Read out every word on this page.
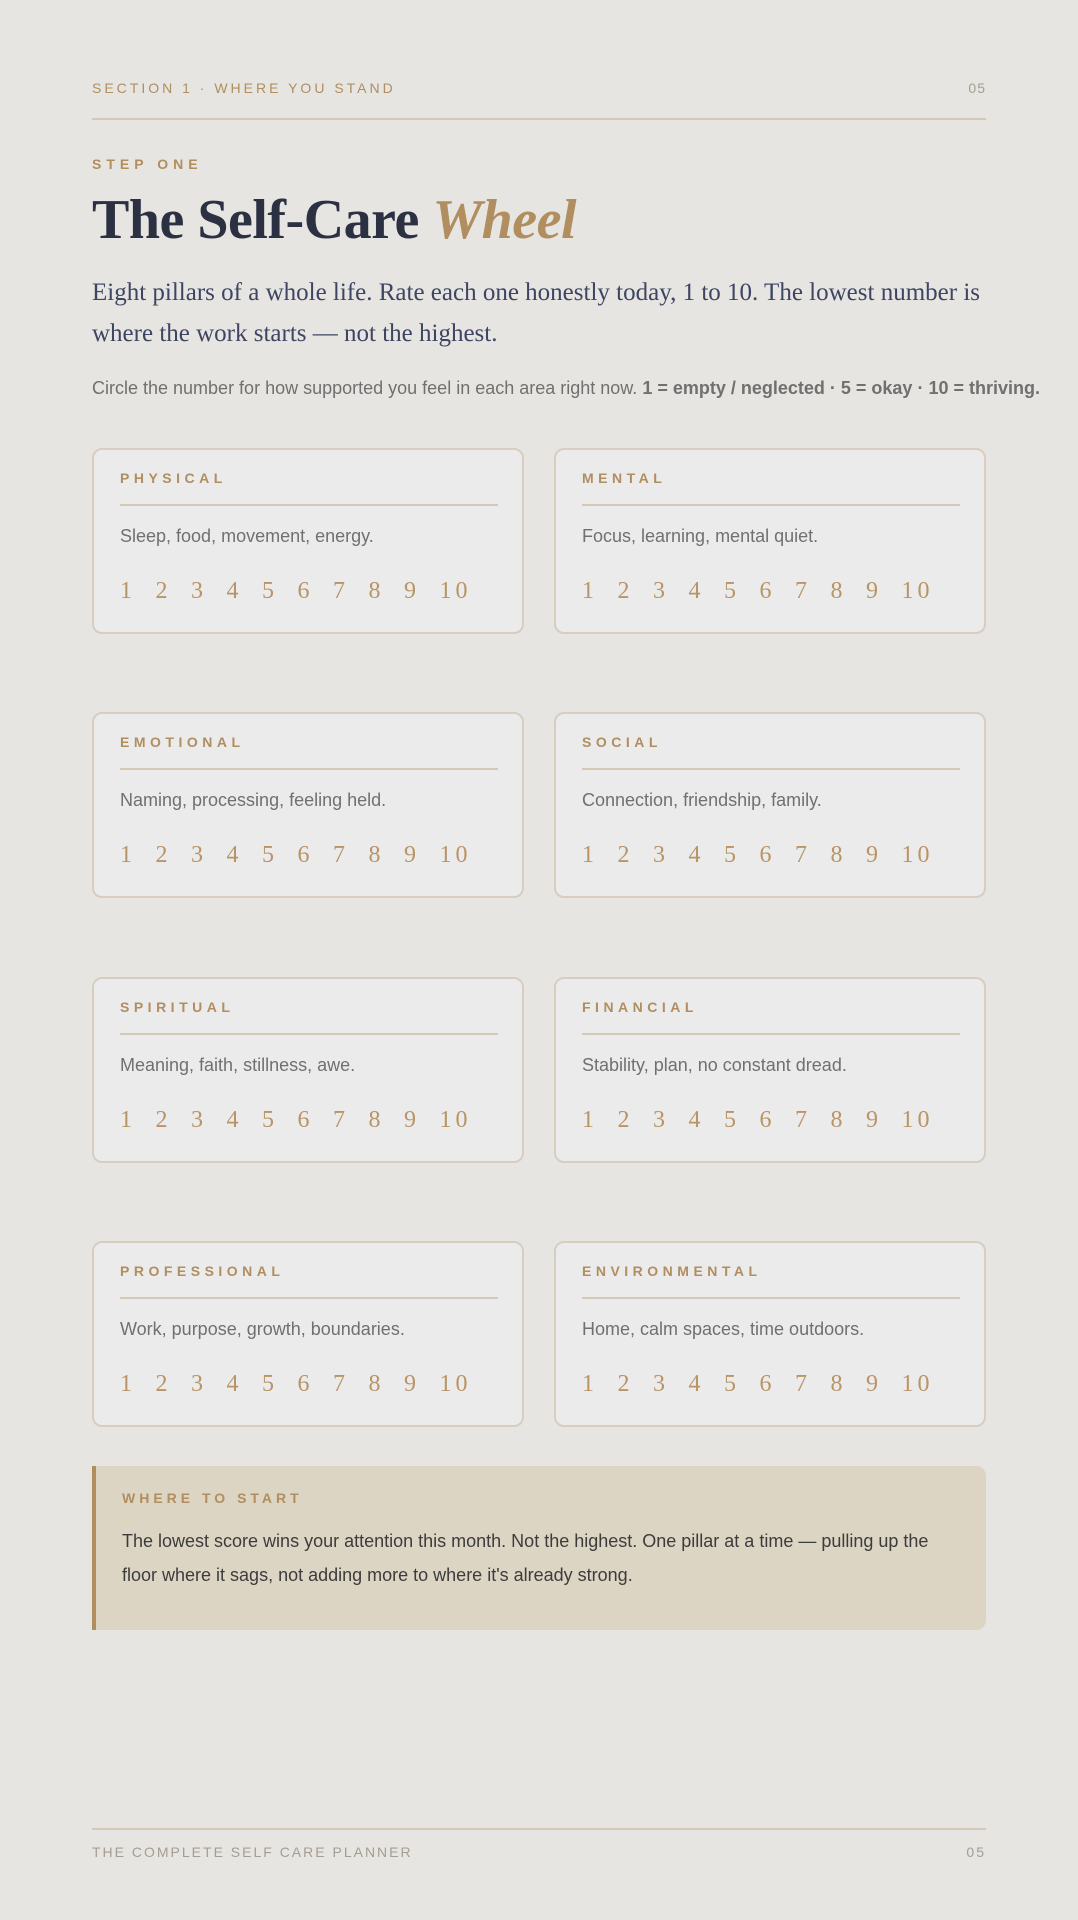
SECTION 1 · WHERE YOU STAND	05
STEP ONE
The Self-Care Wheel

Eight pillars of a whole life. Rate each one honestly today, 1 to 10. The lowest number is where the work starts — not the highest.

Circle the number for how supported you feel in each area right now. 1 = empty / neglected · 5 = okay · 10 = thriving.

PHYSICAL
Sleep, food, movement, energy.
1 2 3 4 5 6 7 8 9 10
MENTAL
Focus, learning, mental quiet.
1 2 3 4 5 6 7 8 9 10
EMOTIONAL
Naming, processing, feeling held.
1 2 3 4 5 6 7 8 9 10
SOCIAL
Connection, friendship, family.
1 2 3 4 5 6 7 8 9 10
SPIRITUAL
Meaning, faith, stillness, awe.
1 2 3 4 5 6 7 8 9 10
FINANCIAL
Stability, plan, no constant dread.
1 2 3 4 5 6 7 8 9 10
PROFESSIONAL
Work, purpose, growth, boundaries.
1 2 3 4 5 6 7 8 9 10
ENVIRONMENTAL
Home, calm spaces, time outdoors.
1 2 3 4 5 6 7 8 9 10
WHERE TO START

The lowest score wins your attention this month. Not the highest. One pillar at a time — pulling up the floor where it sags, not adding more to where it's already strong.

THE COMPLETE SELF CARE PLANNER	05
